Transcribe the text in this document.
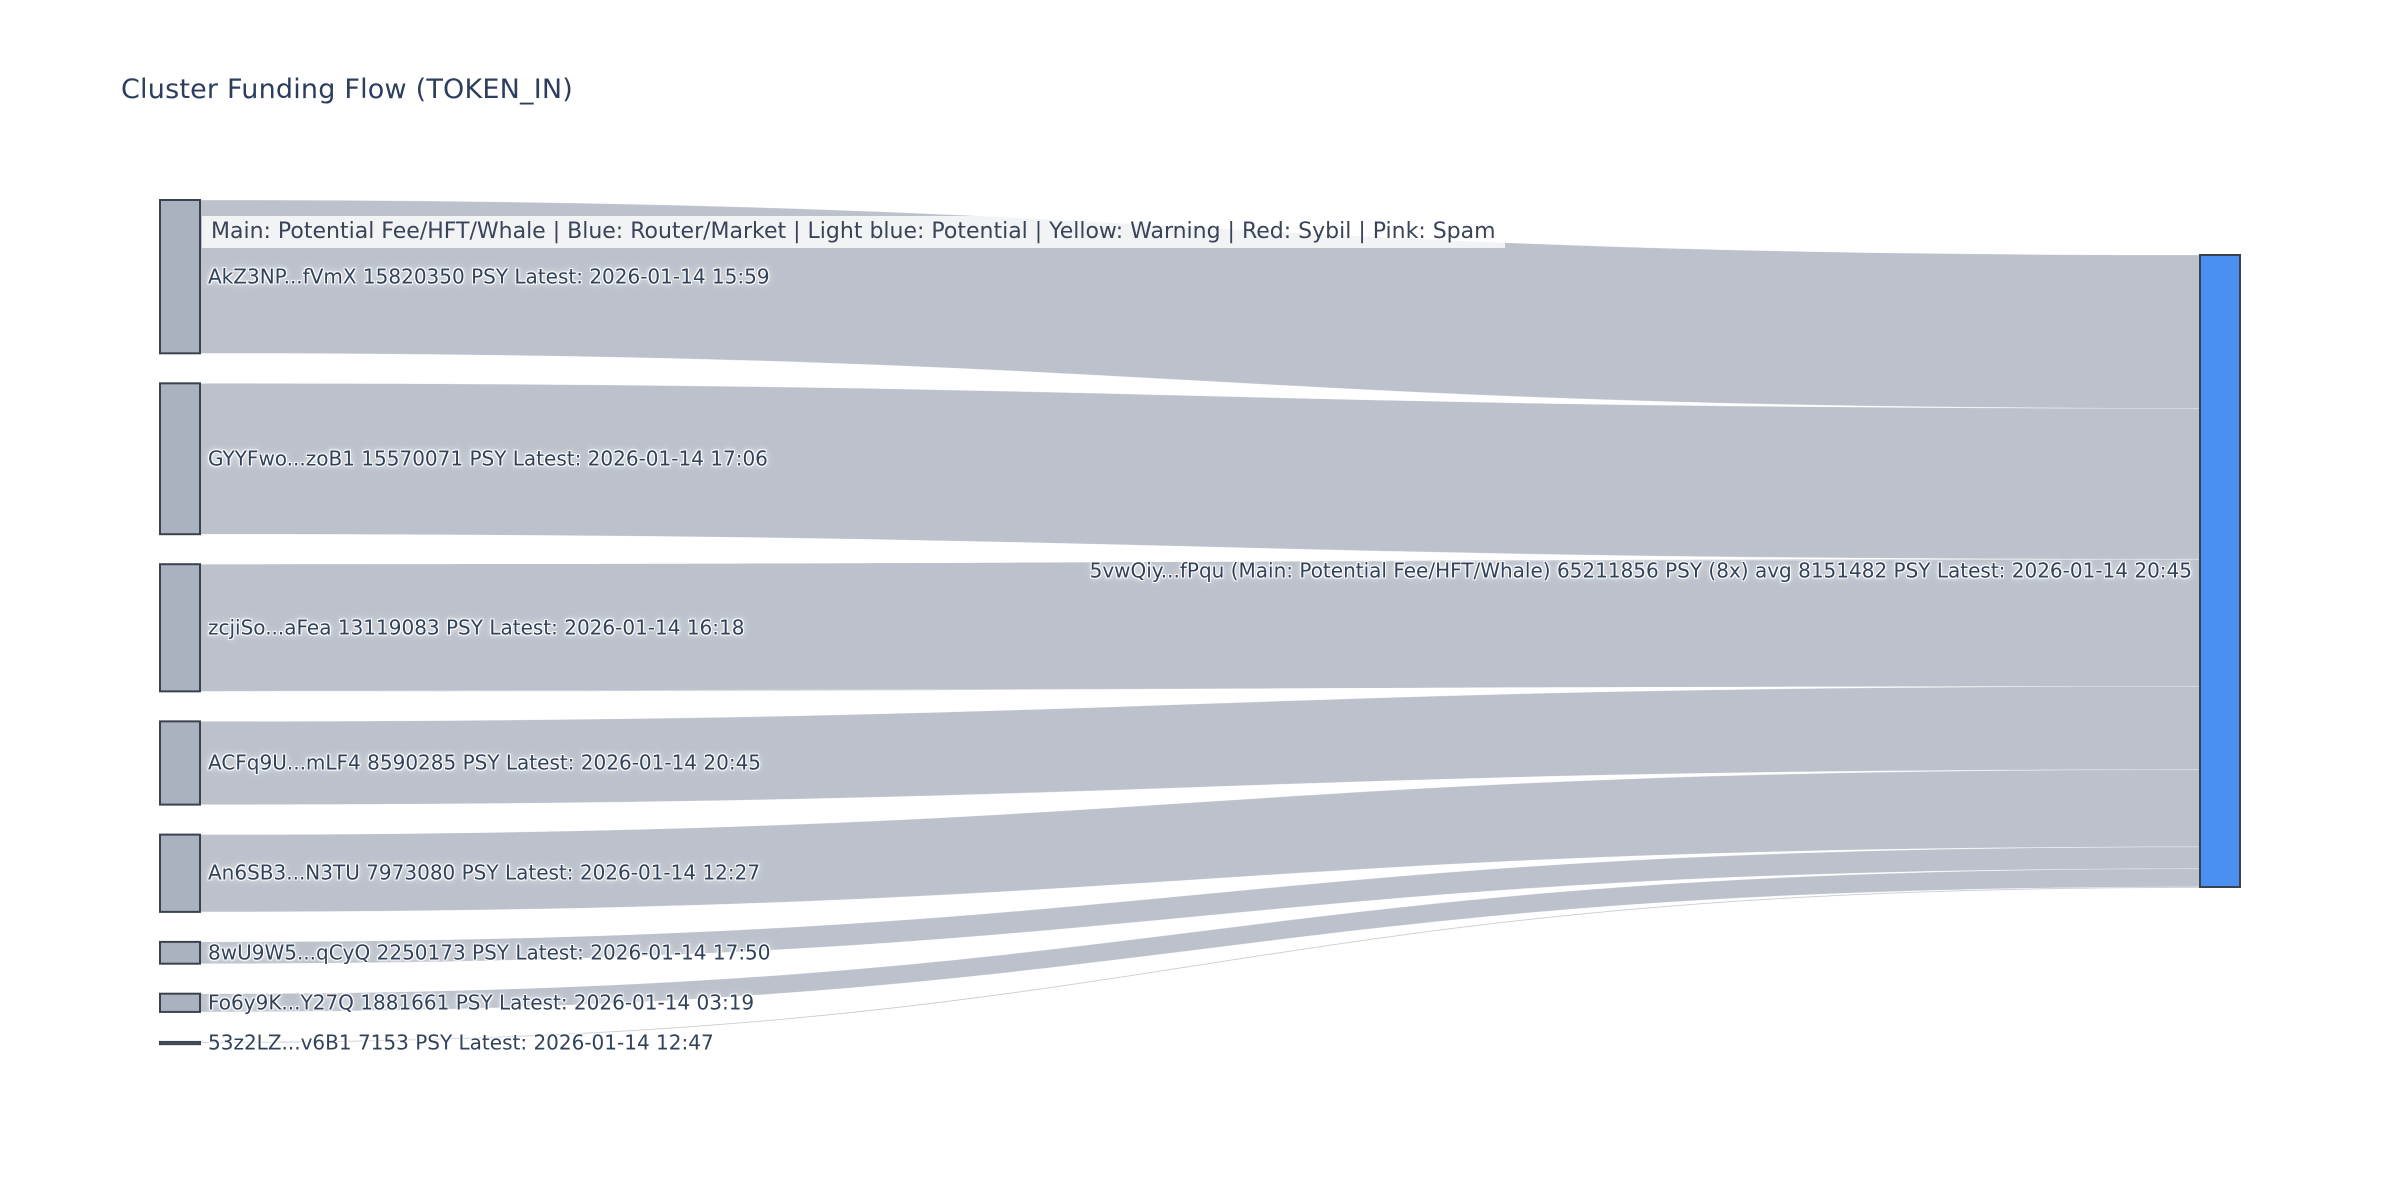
Cluster Funding Flow (TOKEN_IN)
AkZ3NP...fVmX 15820350 PSY Latest: 2026-01-14 15:59
GYYFwo...zoB1 15570071 PSY Latest: 2026-01-14 17:06
zcjiSo...aFea 13119083 PSY Latest: 2026-01-14 16:18
ACFq9U...mLF4 8590285 PSY Latest: 2026-01-14 20:45
An6SB3...N3TU 7973080 PSY Latest: 2026-01-14 12:27
8wU9W5...qCyQ 2250173 PSY Latest: 2026-01-14 17:50
Fo6y9K...Y27Q 1881661 PSY Latest: 2026-01-14 03:19
53z2LZ...v6B1 7153 PSY Latest: 2026-01-14 12:47
5vwQiy...fPqu (Main: Potential Fee/HFT/Whale) 65211856 PSY (8x) avg 8151482 PSY Latest: 2026-01-14 20:45
Main: Potential Fee/HFT/Whale | Blue: Router/Market | Light blue: Potential | Yellow: Warning | Red: Sybil | Pink: Spam
